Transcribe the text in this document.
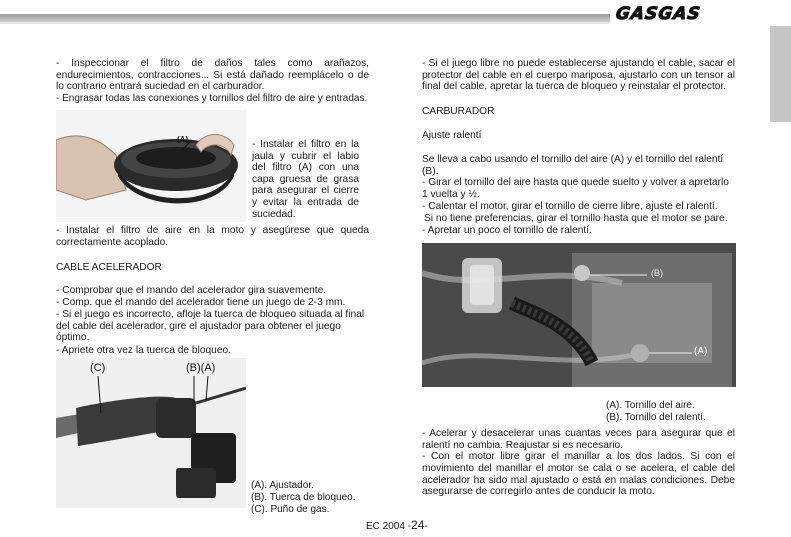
GASGAS

- Inspeccionar el filtro de daños tales como arañazos, endurecimientos, contracciones... Si está dañado reemplácelo o de lo contrario entrará suciedad en el carburador.

- Engrasar todas las conexiones y tornillos del filtro de aire y entradas.

(A)	- Instalar el filtro en la jaula y cubrir el labio del filtro (A) con una capa gruesa de grasa para asegurar el cierre y evitar la entrada de suciedad.

- Instalar el filtro de aire en la moto y asegúrese que queda correctamente acoplado.

CABLE ACELERADOR

- Comprobar que el mando del acelerador gira suavemente.

- Comp. que el mando del acelerador tiene un juego de 2-3 mm.

- Si el juego es incorrecto, afloje la tuerca de bloqueo situada al final del cable del acelerador, gire el ajustador para obtener el juego óptimo.

- Apriete otra vez la tuerca de bloqueo.

(C)	(B)(A)

(A). Ajustador.

(B). Tuerca de bloqueo.

(C). Puño de gas.

- Si el juego libre no puede establecerse ajustando el cable, sacar el protector del cable en el cuerpo mariposa, ajustarlo con un tensor al final del cable, apretar la tuerca de bloqueo y reinstalar el protector.

CARBURADOR

Ajuste ralentí

Se lleva a cabo usando el tornillo del aire (A) y el tornillo del ralentí (B).

- Girar el tornillo del aire hasta que quede suelto y volver a apretarlo 1 vuelta y ½.

- Calentar el motor, girar el tornillo de cierre libre, ajuste el ralentí.

Si no tiene preferencias, girar el tornillo hasta que el motor se pare.

- Apretar un poco el tornillo de ralentí.

(B)
(A)

(A). Tornillo del aire.

(B). Tornillo del ralentí.

- Acelerar y desacelerar unas cuantas veces para asegurar que el ralentí no cambia. Reajustar si es necesario.

- Con el motor libre girar el manillar a los dos lados. Si con el movimiento del manillar el motor se cala o se acelera, el cable del acelerador ha sido mal ajustado o está en malas condiciones. Debe asegurarse de corregirlo antes de conducir la moto.

EC 2004 -24-
